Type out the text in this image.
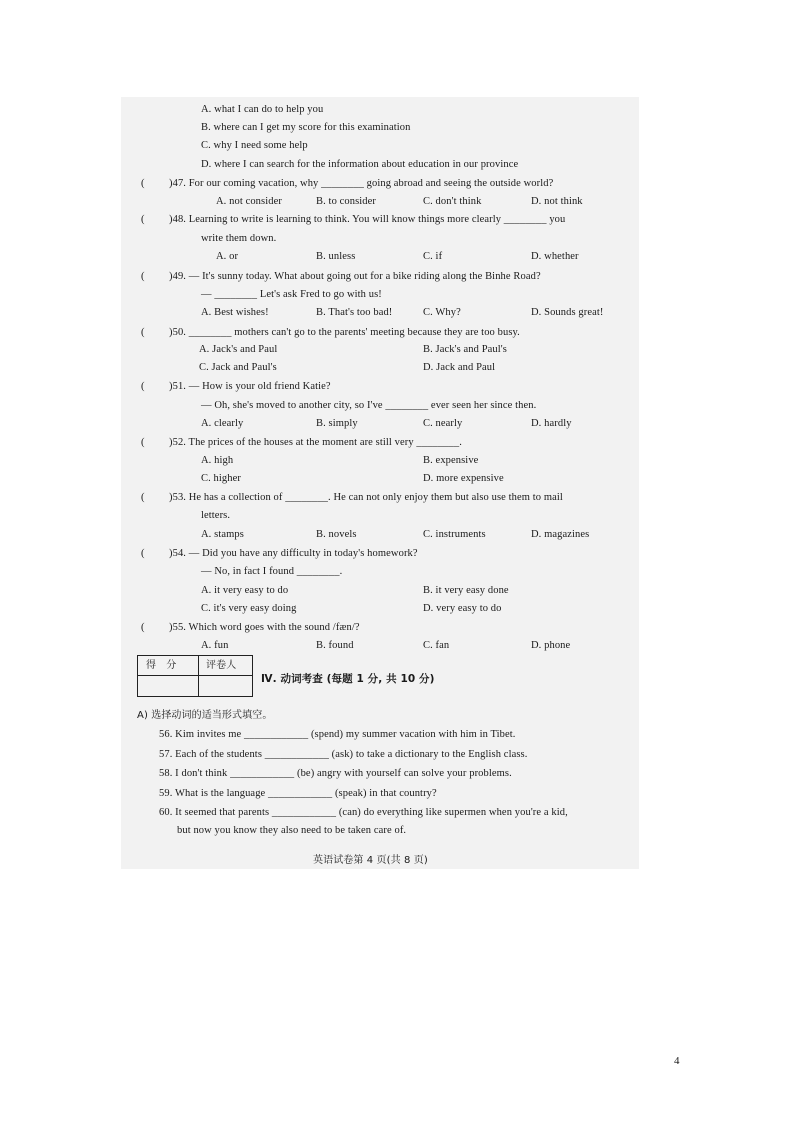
A. what I can do to help you
B. where can I get my score for this examination
C. why I need some help
D. where I can search for the information about education in our province
( )47. For our coming vacation, why ________ going abroad and seeing the outside world?
A. not consider	B. to consider	C. don't think	D. not think
( )48. Learning to write is learning to think. You will know things more clearly ________ you
write them down.
A. or	B. unless	C. if	D. whether
( )49. — It's sunny today. What about going out for a bike riding along the Binhe Road?
— ________ Let's ask Fred to go with us!
A. Best wishes!	B. That's too bad!	C. Why?	D. Sounds great!
( )50. ________ mothers can't go to the parents' meeting because they are too busy.
A. Jack's and Paul	B. Jack's and Paul's
C. Jack and Paul's	D. Jack and Paul
( )51. — How is your old friend Katie?
— Oh, she's moved to another city, so I've ________ ever seen her since then.
A. clearly	B. simply	C. nearly	D. hardly
( )52. The prices of the houses at the moment are still very ________.
A. high	B. expensive
C. higher	D. more expensive
( )53. He has a collection of ________. He can not only enjoy them but also use them to mail
letters.
A. stamps	B. novels	C. instruments	D. magazines
( )54. — Did you have any difficulty in today's homework?
— No, in fact I found ________.
A. it very easy to do	B. it very easy done
C. it's very easy doing	D. very easy to do
( )55. Which word goes with the sound /fæn/?
A. fun	B. found	C. fan	D. phone
得　分	评卷人
Ⅳ. 动词考查 (每题 1 分, 共 10 分)
A) 选择动词的适当形式填空。
56. Kim invites me ____________ (spend) my summer vacation with him in Tibet.
57. Each of the students ____________ (ask) to take a dictionary to the English class.
58. I don't think ____________ (be) angry with yourself can solve your problems.
59. What is the language ____________ (speak) in that country?
60. It seemed that parents ____________ (can) do everything like supermen when you're a kid,
but now you know they also need to be taken care of.
英语试卷第 4 页(共 8 页)
4
